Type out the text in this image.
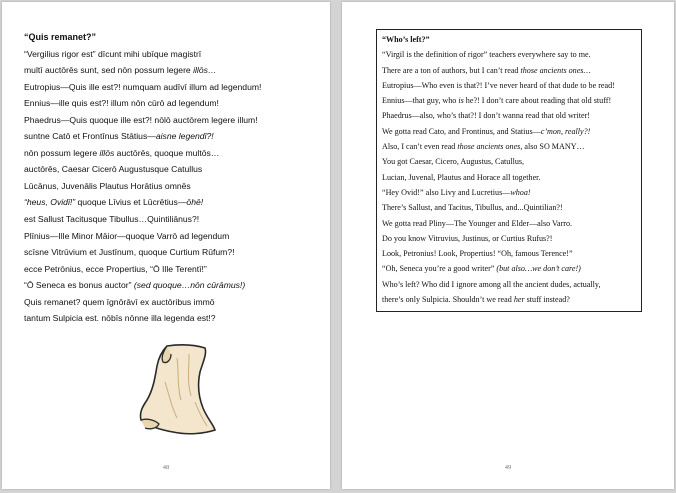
“Quis remanet?”
“Vergilius rigor est” dīcunt mihi ubīque magistrī
multī auctōrēs sunt, sed nōn possum legere illōs…
Eutropius—Quis ille est?! numquam audīvī illum ad legendum!
Ennius—ille quis est?! illum nōn cūrō ad legendum!
Phaedrus—Quis quoque ille est?! nōlō auctōrem legere illum!
suntne Catō et Frontīnus Stātius—aisne legendī?!
nōn possum legere illōs auctōrēs, quoque multōs…
auctōrēs, Caesar Cicerō Augustusque Catullus
Lūcānus, Juvenālis Plautus Horātius omnēs
“heus, Ovidī!” quoque Līvius et Lūcrētius—ōhē!
est Sallust Tacitusque Tibullus…Quintiliānus?!
Plīnius—Ille Minor Māior—quoque Varrō ad legendum
scīsne Vitrūvium et Justīnum, quoque Curtium Rūfum?!
ecce Petrōnius, ecce Propertius, “Ō Ille Terentī!”
“Ō Seneca es bonus auctor” (sed quoque…nōn cūrāmus!)
Quis remanet? quem īgnōrāvī ex auctōribus immō
tantum Sulpicia est. nōbīs nōnne illa legenda est!?
48
“Who’s left?”
“Virgil is the definition of rigor” teachers everywhere say to me.
There are a ton of authors, but I can’t read those ancients ones…
Eutropius—Who even is that?! I’ve never heard of that dude to be read!
Ennius—that guy, who is he?! I don’t care about reading that old stuff!
Phaedrus—also, who’s that?! I don’t wanna read that old writer!
We gotta read Cato, and Frontinus, and Statius—c’mon, really?!
Also, I can’t even read those ancients ones, also SO MANY…
You got Caesar, Cicero, Augustus, Catullus,
Lucian, Juvenal, Plautus and Horace all together.
“Hey Ovid!” also Livy and Lucretius—whoa!
There’s Sallust, and Tacitus, Tibullus, and...Quintilian?!
We gotta read Pliny—The Younger and Elder—also Varro.
Do you know Vitruvius, Justinus, or Curtius Rufus?!
Look, Petronius! Look, Propertius! “Oh, famous Terence!”
“Oh, Seneca you’re a good writer” (but also…we don’t care!)
Who’s left? Who did I ignore among all the ancient dudes, actually,
there’s only Sulpicia. Shouldn’t we read her stuff instead?
49
